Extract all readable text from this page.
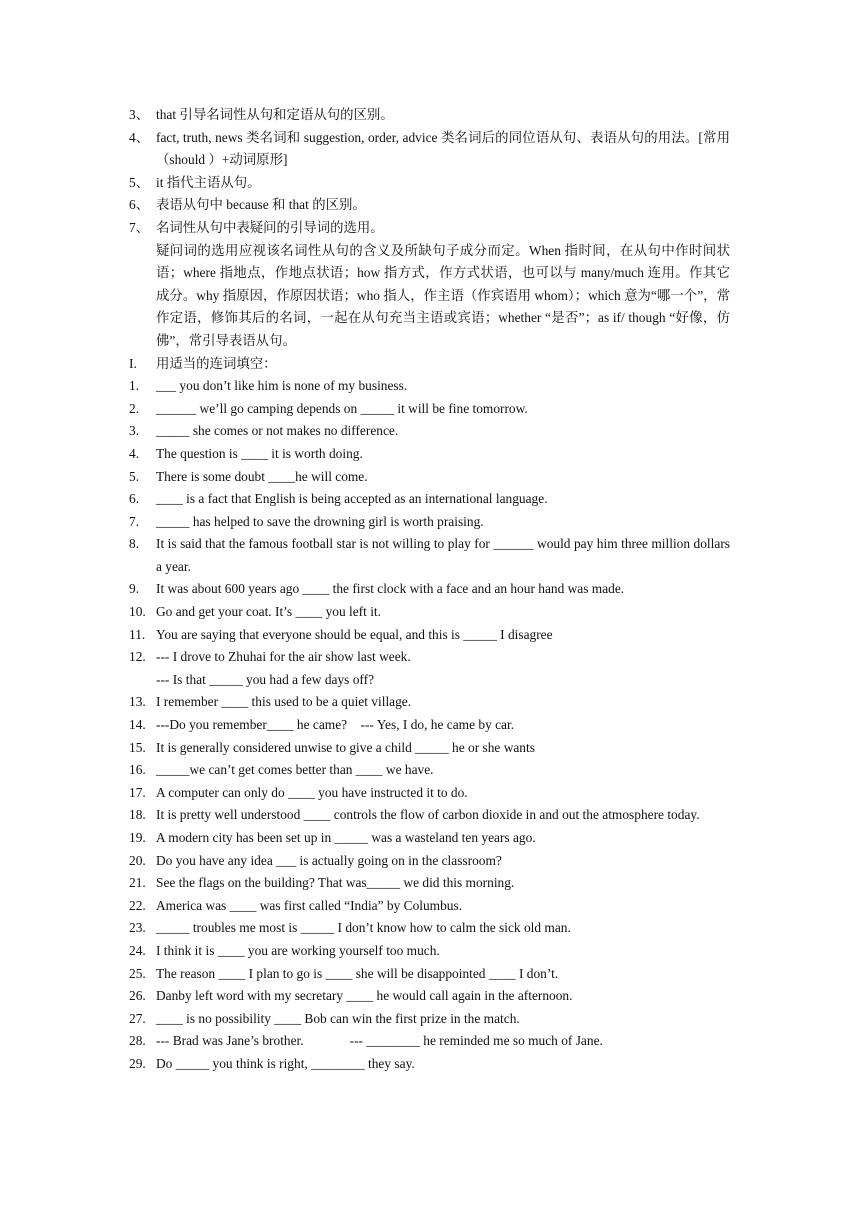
3、 that 引导名词性从句和定语从句的区别。
4、 fact, truth, news 类名词和 suggestion, order, advice 类名词后的同位语从句、表语从句的用法。[常用（should ）+动词原形]
5、 it 指代主语从句。
6、 表语从句中 because 和 that 的区别。
7、 名词性从句中表疑问的引导词的选用。
疑问词的选用应视该名词性从句的含义及所缺句子成分而定。When 指时间，在从句中作时间状语；where 指地点，作地点状语；how 指方式，作方式状语，也可以与 many/much 连用。作其它成分。why 指原因，作原因状语；who 指人，作主语（作宾语用 whom）；which 意为“哪一个”，常作定语，修饰其后的名词，一起在从句充当主语或宾语；whether “是否”；as if/ though “好像，仿佛”，常引导表语从句。
I.	用适当的连词填空：
1.	___ you don’t like him is none of my business.
2.	______ we’ll go camping depends on _____ it will be fine tomorrow.
3.	_____ she comes or not makes no difference.
4.	The question is ____ it is worth doing.
5.	There is some doubt ____he will come.
6.	____ is a fact that English is being accepted as an international language.
7.	_____ has helped to save the drowning girl is worth praising.
8.	It is said that the famous football star is not willing to play for ______ would pay him three million dollars a year.
9.	It was about 600 years ago ____ the first clock with a face and an hour hand was made.
10. Go and get your coat. It’s ____ you left it.
11. You are saying that everyone should be equal, and this is _____ I disagree
12. --- I drove to Zhuhai for the air show last week.
--- Is that _____ you had a few days off?
13. I remember ____ this used to be a quiet village.
14. ---Do you remember____ he came? --- Yes, I do, he came by car.
15. It is generally considered unwise to give a child _____ he or she wants
16. _____we can’t get comes better than ____ we have.
17. A computer can only do ____ you have instructed it to do.
18. It is pretty well understood ____ controls the flow of carbon dioxide in and out the atmosphere today.
19. A modern city has been set up in _____ was a wasteland ten years ago.
20. Do you have any idea ___ is actually going on in the classroom?
21. See the flags on the building? That was_____ we did this morning.
22. America was ____ was first called “India” by Columbus.
23. _____ troubles me most is _____ I don’t know how to calm the sick old man.
24. I think it is ____ you are working yourself too much.
25. The reason ____ I plan to go is ____ she will be disappointed ____ I don’t.
26. Danby left word with my secretary ____ he would call again in the afternoon.
27. ____ is no possibility ____ Bob can win the first prize in the match.
28. --- Brad was Jane’s brother.	--- ________ he reminded me so much of Jane.
29. Do _____ you think is right, ________ they say.
